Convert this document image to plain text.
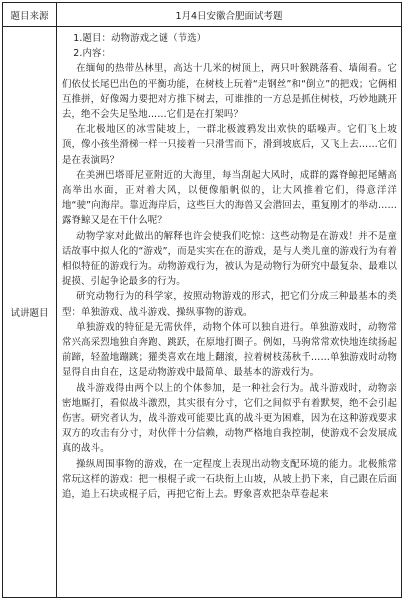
题目来源	1月4日安徽合肥面试考题
试讲题目

1.题目：动物游戏之谜（节选）

2.内容：

在缅甸的热带丛林里，高达十几米的树顶上，两只叶猴跳落看、墙闹看。它们依仗长尾巴出色的平衡功能，在树枝上玩着“走钢丝”和“倒立”的把戏；它俩相互推拼，好像竭力要把对方推下树去，可谁推的一方总是抓住树枝，巧妙地跳开去，绝不会失足坠地……它们是在打架吗？

在北极地区的冰雪陡坡上，一群北极渡鸦发出欢快的聒噪声。它们飞上坡顶，像小孩坐滑梯一样一只接着一只滑雪而下，滑到坡底后，又飞上去……它们是在表演吗？

在美洲巴塔哥尼亚附近的大海里，每当刮起大风时，成群的露脊鲸把尾鳍高高举出水面，正对着大风，以便像船帆似的，让大风推着它们，得意洋洋地“驶”向海岸。靠近海岸后，这些巨大的海兽又会潜回去，重复刚才的举动……露脊鲸又是在干什么呢？

动物学家对此做出的解释也许会使我们吃惊：这些动物是在游戏！并不是童话故事中拟人化的“游戏”，而是实实在在的游戏，是与人类儿童的游戏行为有着相似特征的游戏行为。动物游戏行为，被认为是动物行为研究中最复杂、最难以捉摸、引起争论最多的行为。

研究动物行为的科学家，按照动物游戏的形式，把它们分成三种最基本的类型：单独游戏、战斗游戏、操纵事物的游戏。

单独游戏的特征是无需伙伴，动物个体可以独自进行。单独游戏时，动物常常兴高采烈地独自奔跑、跳跃，在原地打圈子。例如，马驹常常欢快地连续扬起前蹄，轻盈地蹦跳；獾类喜欢在地上翻滚，拉着树枝荡秋千……单独游戏时动物显得自由自在，这是动物游戏中最简单、最基本的游戏行为。

战斗游戏得由两个以上的个体参加，是一种社会行为。战斗游戏时，动物亲密地厮打，看似战斗激烈，其实很有分寸，它们之间似乎有着默契，绝不会引起伤害。研究者认为，战斗游戏可能要比真的战斗更为困难，因为在这种游戏要求双方的攻击有分寸，对伙伴十分信赖，动物严格地自我控制，使游戏不会发展成真的战斗。

操纵周围事物的游戏，在一定程度上表现出动物支配环境的能力。北极熊常常玩这样的游戏：把一根棍子或一石块衔上山坡，从坡上扔下来，自己跟在后面追，追上石块或棍子后，再把它衔上去。野象喜欢把杂草卷起来
